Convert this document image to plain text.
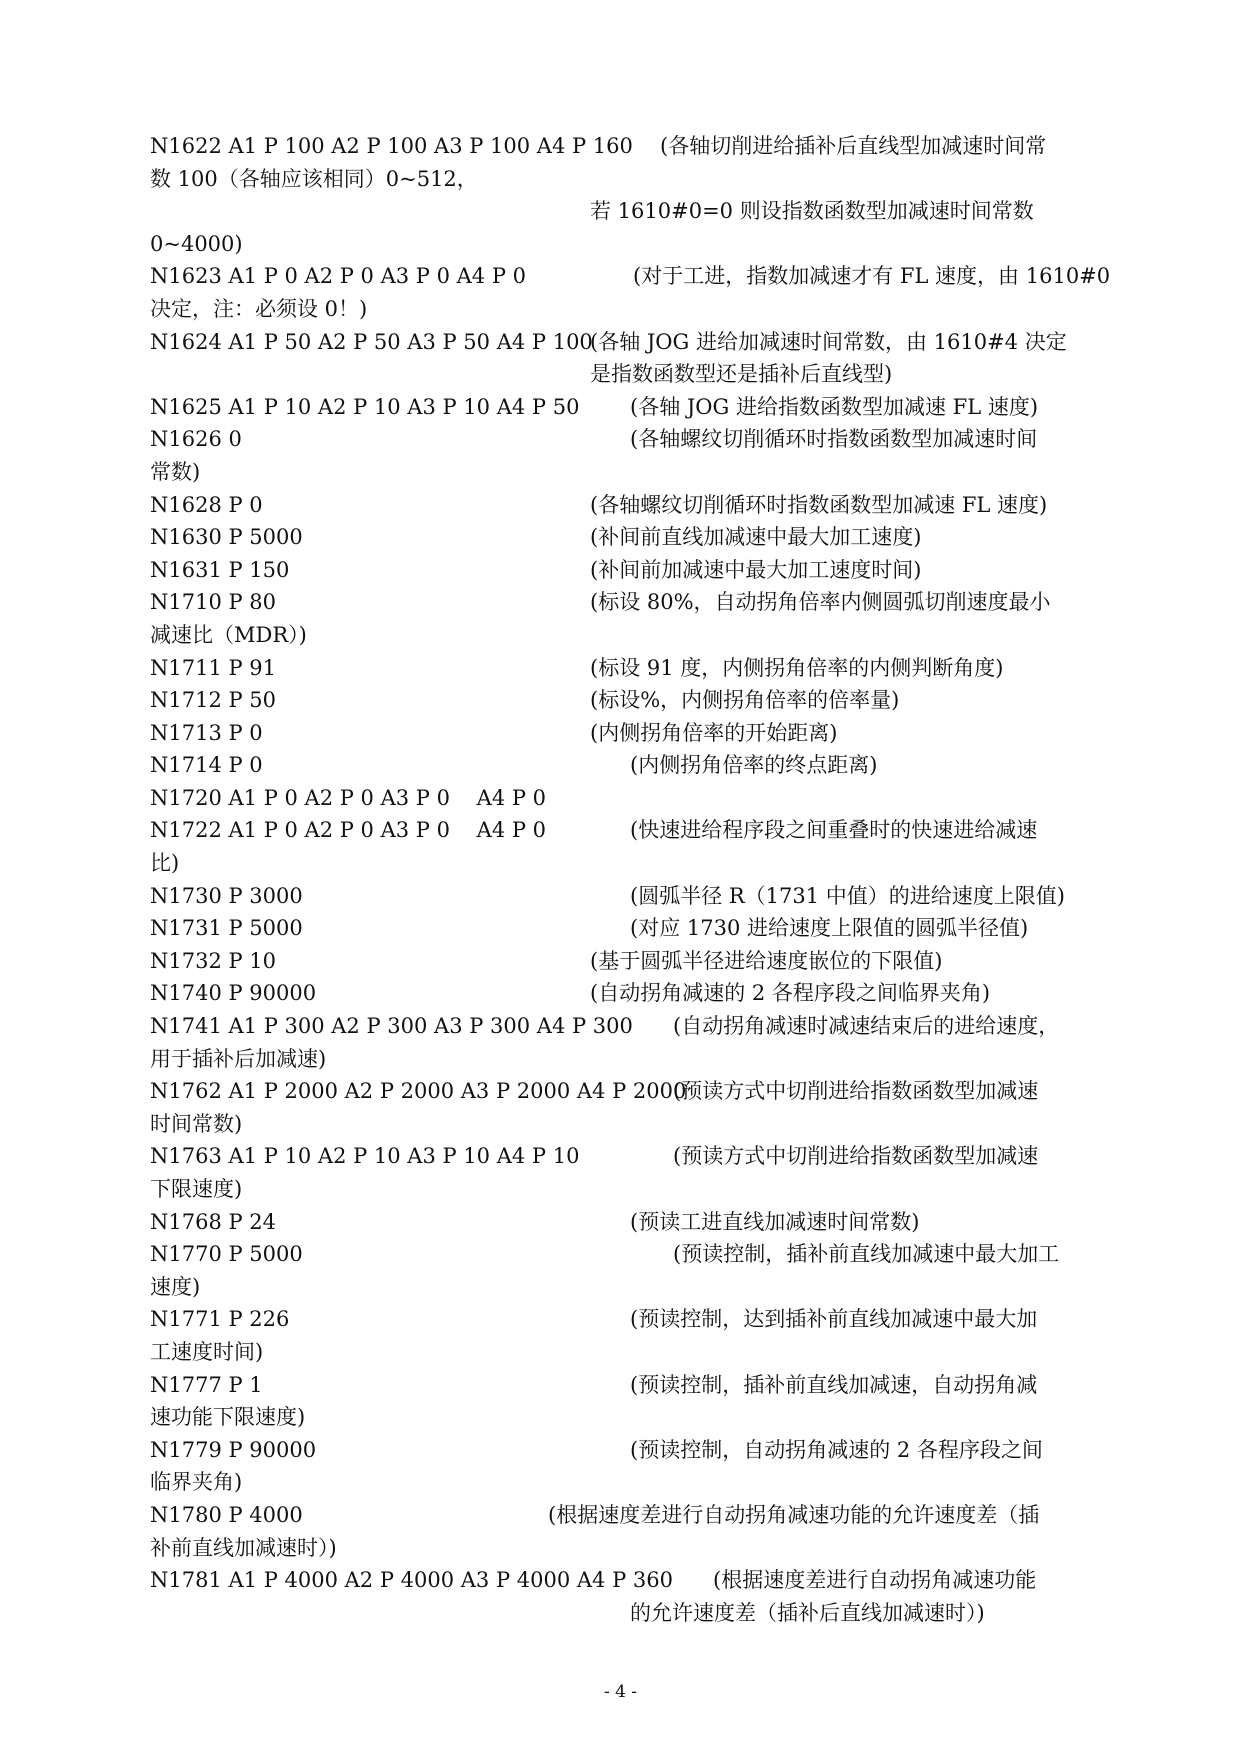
N1622 A1 P 100 A2 P 100 A3 P 100 A4 P 160 (各轴切削进给插补后直线型加减速时间常
数 100（各轴应该相同）0~512，
若 1610#0=0 则设指数函数型加减速时间常数
0~4000)
N1623 A1 P 0 A2 P 0 A3 P 0 A4 P 0	(对于工进，指数加减速才有 FL 速度，由 1610#0
决定，注：必须设 0！)
N1624 A1 P 50 A2 P 50 A3 P 50 A4 P 100
(各轴 JOG 进给加减速时间常数，由 1610#4 决定
是指数函数型还是插补后直线型)
N1625 A1 P 10 A2 P 10 A3 P 10 A4 P 50 (各轴 JOG 进给指数函数型加减速 FL 速度)
N1626 0	(各轴螺纹切削循环时指数函数型加减速时间
常数)
N1628 P 0	(各轴螺纹切削循环时指数函数型加减速 FL 速度)
N1630 P 5000	(补间前直线加减速中最大加工速度)
N1631 P 150	(补间前加减速中最大加工速度时间)
N1710 P 80	(标设 80%，自动拐角倍率内侧圆弧切削速度最小
减速比（MDR）)
N1711 P 91	(标设 91 度，内侧拐角倍率的内侧判断角度)
N1712 P 50	(标设%，内侧拐角倍率的倍率量)
N1713 P 0	(内侧拐角倍率的开始距离)
N1714 P 0	(内侧拐角倍率的终点距离)
N1720 A1 P 0 A2 P 0 A3 P 0    A4 P 0
N1722 A1 P 0 A2 P 0 A3 P 0    A4 P 0	(快速进给程序段之间重叠时的快速进给减速
比)
N1730 P 3000	(圆弧半径 R（1731 中值）的进给速度上限值)
N1731 P 5000	(对应 1730 进给速度上限值的圆弧半径值)
N1732 P 10	(基于圆弧半径进给速度嵌位的下限值)
N1740 P 90000	(自动拐角减速的 2 各程序段之间临界夹角)
N1741 A1 P 300 A2 P 300 A3 P 300 A4 P 300 (自动拐角减速时减速结束后的进给速度，
用于插补后加减速)
N1762 A1 P 2000 A2 P 2000 A3 P 2000 A4 P 2000
(预读方式中切削进给指数函数型加减速
时间常数)
N1763 A1 P 10 A2 P 10 A3 P 10 A4 P 10	(预读方式中切削进给指数函数型加减速
下限速度)
N1768 P 24	(预读工进直线加减速时间常数)
N1770 P 5000	(预读控制，插补前直线加减速中最大加工
速度)
N1771 P 226	(预读控制，达到插补前直线加减速中最大加
工速度时间)
N1777 P 1	(预读控制，插补前直线加减速，自动拐角减
速功能下限速度)
N1779 P 90000	(预读控制，自动拐角减速的 2 各程序段之间
临界夹角)
N1780 P 4000	(根据速度差进行自动拐角减速功能的允许速度差（插
补前直线加减速时）)
N1781 A1 P 4000 A2 P 4000 A3 P 4000 A4 P 360 (根据速度差进行自动拐角减速功能
的允许速度差（插补后直线加减速时）)
- 4 -
